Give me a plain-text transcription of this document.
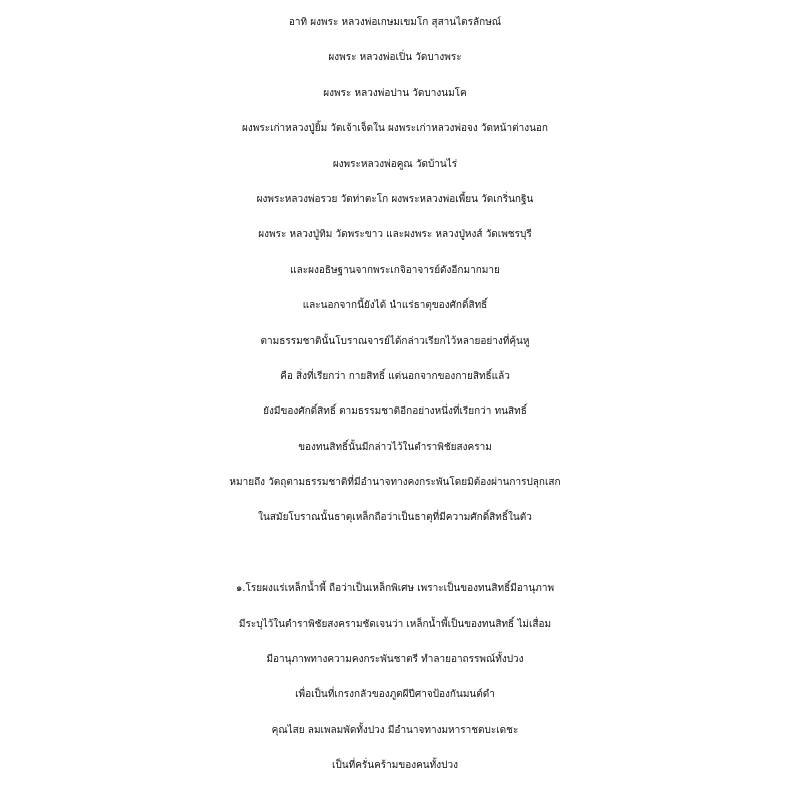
อาทิ ผงพระ หลวงพ่อเกษมเขมโก สุสานไตรลักษณ์
ผงพระ หลวงพ่อเปิ่น วัดบางพระ
ผงพระ หลวงพ่อปาน วัดบางนมโค
ผงพระเก่าหลวงปู่ยิ้ม วัดเจ้าเจ็ดใน ผงพระเก่าหลวงพ่อจง วัดหน้าต่างนอก
ผงพระหลวงพ่อคูณ วัดบ้านไร่
ผงพระหลวงพ่อรวย วัดท่าตะโก ผงพระหลวงพ่อเพี้ยน วัดเกริ่นกฐิน
ผงพระ หลวงปู่ทิม วัดพระขาว และผงพระ หลวงปู่หงส์ วัดเพชรบุรี
และผงอธิษฐานจากพระเกจิอาจารย์ดังอีกมากมาย
และนอกจากนี้ยังได้ นำแร่ธาตุของศักดิ์สิทธิ์
ตามธรรมชาตินั้นโบราณจารย์ได้กล่าวเรียกไว้หลายอย่างที่คุ้นหู
คือ สิ่งที่เรียกว่า กายสิทธิ์ แต่นอกจากของกายสิทธิ์แล้ว
ยังมีของศักดิ์สิทธิ์ ตามธรรมชาติอีกอย่างหนึ่งที่เรียกว่า ทนสิทธิ์
ของทนสิทธิ์นั้นมีกล่าวไว้ในตำราพิชัยสงคราม
หมายถึง วัตถุตามธรรมชาติที่มีอำนาจทางคงกระพันโดยมิต้องผ่านการปลุกเสก
ในสมัยโบราณนั้นธาตุเหล็กถือว่าเป็นธาตุที่มีความศักดิ์สิทธิ์ในตัว
๑.โรยผงแร่เหล็กน้ำพี้ ถือว่าเป็นเหล็กพิเศษ เพราะเป็นของทนสิทธิ์มีอานุภาพ
มีระบุไว้ในตำราพิชัยสงครามชัดเจนว่า เหล็กน้ำพี้เป็นของทนสิทธิ์ ไม่เสื่อม
มีอานุภาพทางความคงกระพันชาตรี ทำลายอาถรรพณ์ทั้งปวง
เพื่อเป็นที่เกรงกลัวของภูตผีปีศาจป้องกันมนต์ดำ
คุณไสย ลมเพลมพัดทั้งปวง มีอำนาจทางมหาราชตบะเดชะ
เป็นที่ครั่นคร้ามของคนทั้งปวง
